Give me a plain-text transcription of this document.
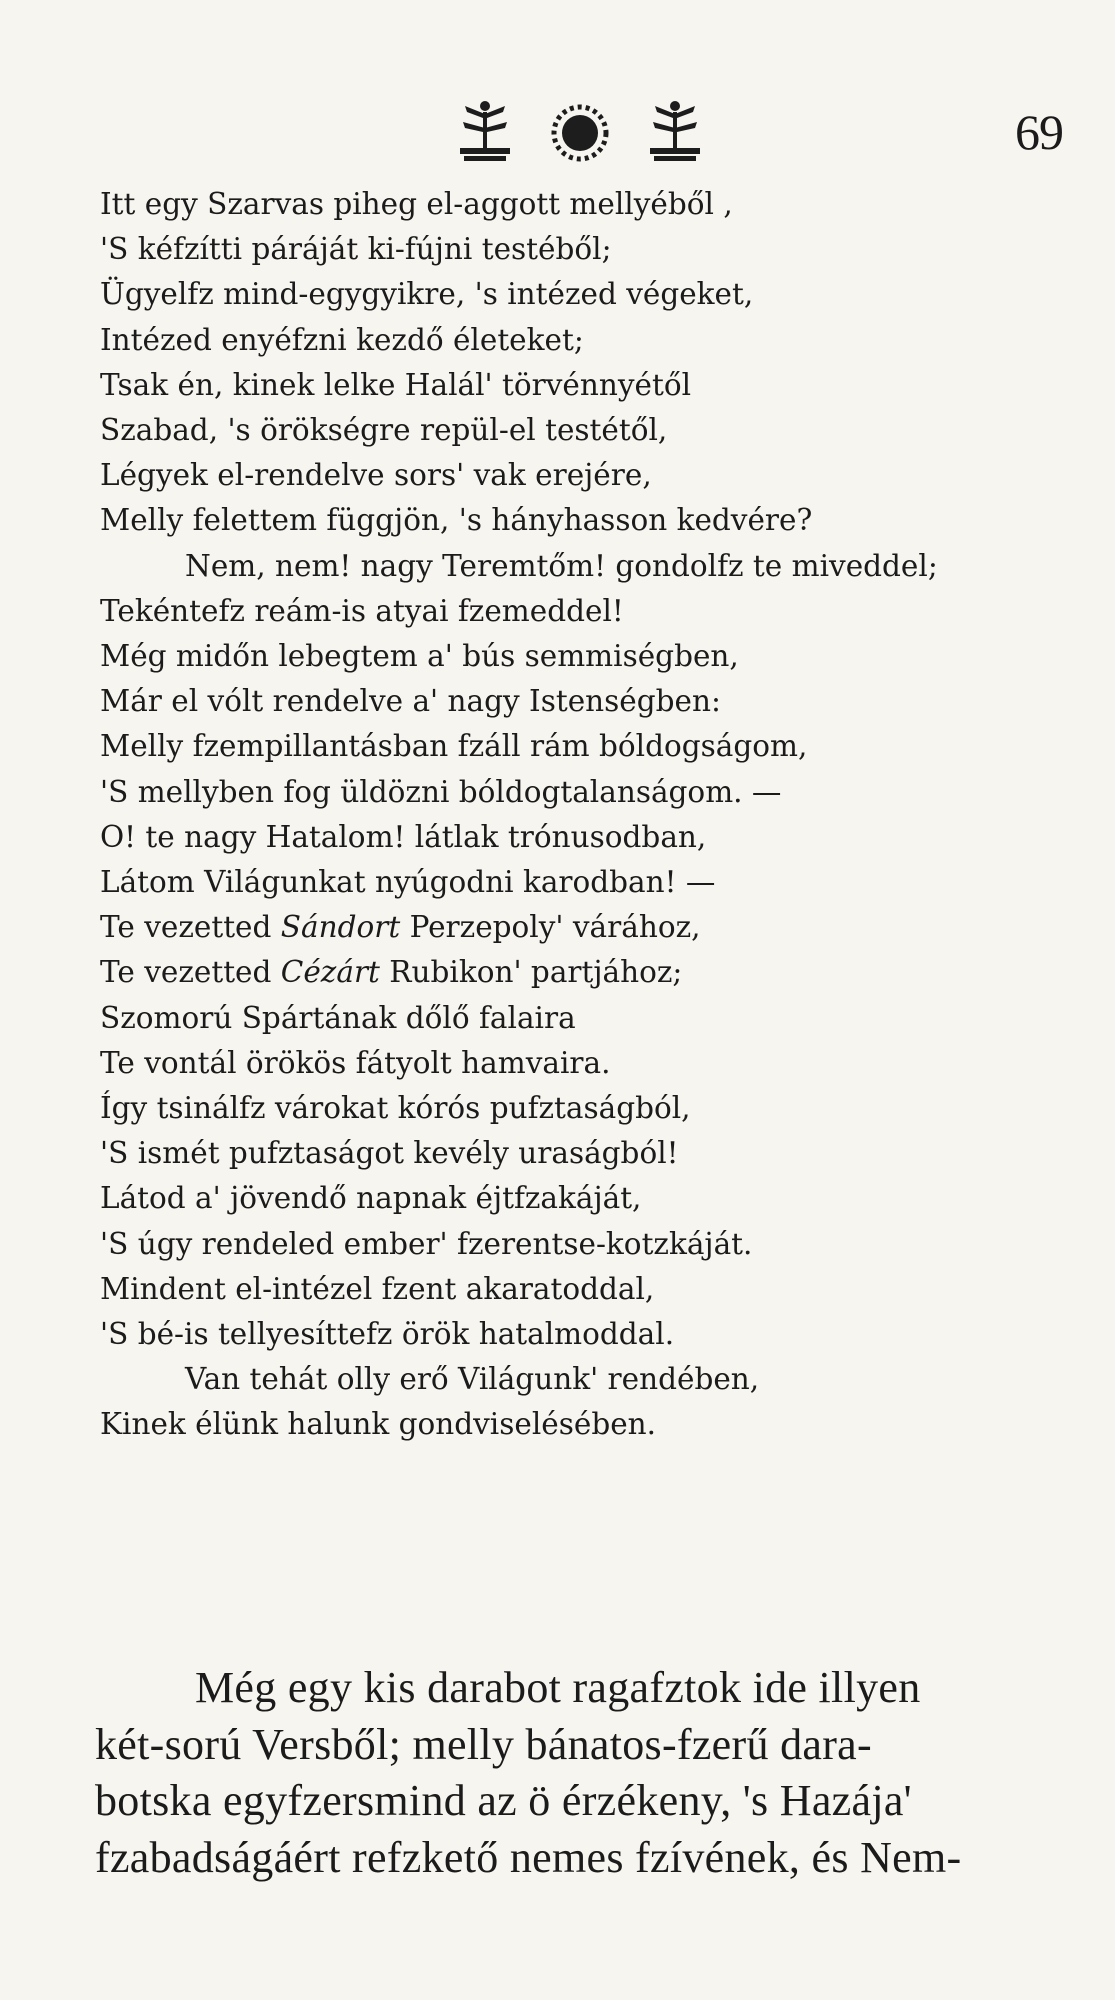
69
Itt egy Szarvas piheg el-aggott mellyéből ,
'S kéfzítti páráját ki-fújni testéből;
Ügyelfz mind-egygyikre, 's intézed végeket,
Intézed enyéfzni kezdő életeket;
Tsak én, kinek lelke Halál' törvénnyétől
Szabad, 's örökségre repül-el testétől,
Légyek el-rendelve sors' vak erejére,
Melly felettem függjön, 's hányhasson kedvére?
Nem, nem! nagy Teremtőm! gondolfz te miveddel;
Tekéntefz reám-is atyai fzemeddel!
Még midőn lebegtem a' bús semmiségben,
Már el vólt rendelve a' nagy Istenségben:
Melly fzempillantásban fzáll rám bóldogságom,
'S mellyben fog üldözni bóldogtalanságom. —
O! te nagy Hatalom! látlak trónusodban,
Látom Világunkat nyúgodni karodban! —
Te vezetted Sándort Perzepoly' várához,
Te vezetted Cézárt Rubikon' partjához;
Szomorú Spártának dőlő falaira
Te vontál örökös fátyolt hamvaira.
Így tsinálfz várokat kórós pufztaságból,
'S ismét pufztaságot kevély uraságból!
Látod a' jövendő napnak éjtfzakáját,
'S úgy rendeled ember' fzerentse-kotzkáját.
Mindent el-intézel fzent akaratoddal,
'S bé-is tellyesíttefz örök hatalmoddal.
Van tehát olly erő Világunk' rendében,
Kinek élünk halunk gondviselésében.
Még egy kis darabot ragafztok ide illyen
két-sorú Versből; melly bánatos-fzerű dara-
botska egyfzersmind az ö érzékeny, 's Hazája'
fzabadságáért refzkető nemes fzívének, és Nem-
